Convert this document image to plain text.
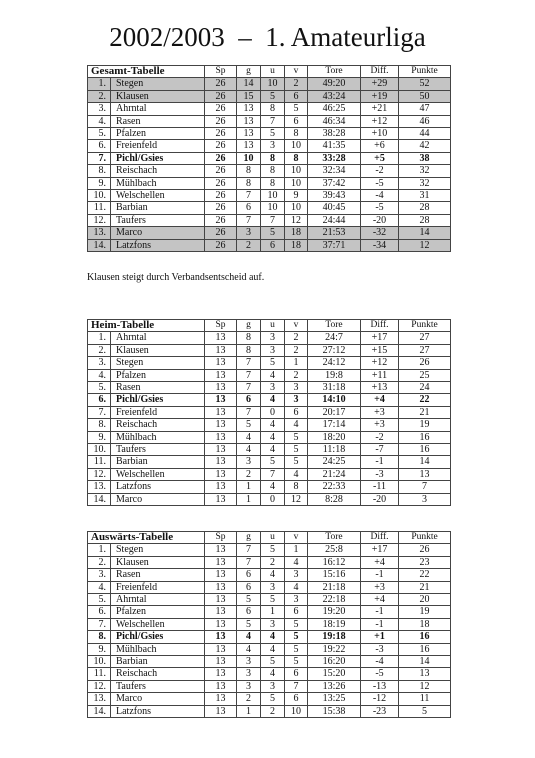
2002/2003  –  1. Amateurliga
Gesamt-Tabelle		Sp	g	u	v	Tore	Diff.	Punkte
1.	Stegen	26	14	10	2	49:20	+29	52
2.	Klausen	26	15	5	6	43:24	+19	50
3.	Ahrntal	26	13	8	5	46:25	+21	47
4.	Rasen	26	13	7	6	46:34	+12	46
5.	Pfalzen	26	13	5	8	38:28	+10	44
6.	Freienfeld	26	13	3	10	41:35	+6	42
7.	Pichl/Gsies	26	10	8	8	33:28	+5	38
8.	Reischach	26	8	8	10	32:34	-2	32
9.	Mühlbach	26	8	8	10	37:42	-5	32
10.	Welschellen	26	7	10	9	39:43	-4	31
11.	Barbian	26	6	10	10	40:45	-5	28
12.	Taufers	26	7	7	12	24:44	-20	28
13.	Marco	26	3	5	18	21:53	-32	14
14.	Latzfons	26	2	6	18	37:71	-34	12
Klausen steigt durch Verbandsentscheid auf.
Heim-Tabelle		Sp	g	u	v	Tore	Diff.	Punkte
1.	Ahrntal	13	8	3	2	24:7	+17	27
2.	Klausen	13	8	3	2	27:12	+15	27
3.	Stegen	13	7	5	1	24:12	+12	26
4.	Pfalzen	13	7	4	2	19:8	+11	25
5.	Rasen	13	7	3	3	31:18	+13	24
6.	Pichl/Gsies	13	6	4	3	14:10	+4	22
7.	Freienfeld	13	7	0	6	20:17	+3	21
8.	Reischach	13	5	4	4	17:14	+3	19
9.	Mühlbach	13	4	4	5	18:20	-2	16
10.	Taufers	13	4	4	5	11:18	-7	16
11.	Barbian	13	3	5	5	24:25	-1	14
12.	Welschellen	13	2	7	4	21:24	-3	13
13.	Latzfons	13	1	4	8	22:33	-11	7
14.	Marco	13	1	0	12	8:28	-20	3
Auswärts-Tabelle		Sp	g	u	v	Tore	Diff.	Punkte
1.	Stegen	13	7	5	1	25:8	+17	26
2.	Klausen	13	7	2	4	16:12	+4	23
3.	Rasen	13	6	4	3	15:16	-1	22
4.	Freienfeld	13	6	3	4	21:18	+3	21
5.	Ahrntal	13	5	5	3	22:18	+4	20
6.	Pfalzen	13	6	1	6	19:20	-1	19
7.	Welschellen	13	5	3	5	18:19	-1	18
8.	Pichl/Gsies	13	4	4	5	19:18	+1	16
9.	Mühlbach	13	4	4	5	19:22	-3	16
10.	Barbian	13	3	5	5	16:20	-4	14
11.	Reischach	13	3	4	6	15:20	-5	13
12.	Taufers	13	3	3	7	13:26	-13	12
13.	Marco	13	2	5	6	13:25	-12	11
14.	Latzfons	13	1	2	10	15:38	-23	5
